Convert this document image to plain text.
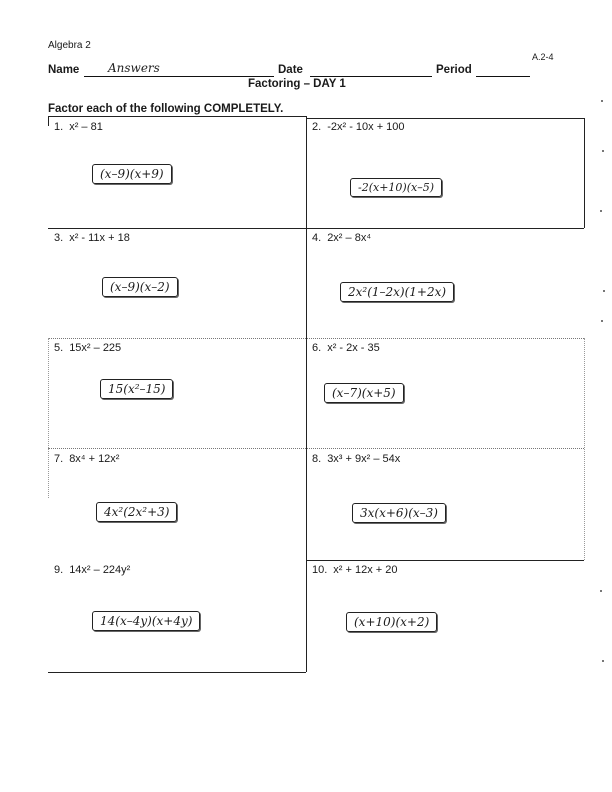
Algebra 2
A.2-4
Name Answers	Date	Period
Factoring – DAY 1
Factor each of the following COMPLETELY.
1. x² – 81
(x–9)(x+9)
2. -2x² - 10x + 100
-2(x+10)(x–5)
3. x² - 11x + 18
(x–9)(x–2)
4. 2x² – 8x⁴
2x²(1–2x)(1+2x)
5. 15x² – 225
15(x²–15)
6. x² - 2x - 35
(x–7)(x+5)
7. 8x⁴ + 12x²
4x²(2x²+3)
8. 3x³ + 9x² – 54x
3x(x+6)(x–3)
9. 14x² – 224y²
14(x–4y)(x+4y)
10. x² + 12x + 20
(x+10)(x+2)
